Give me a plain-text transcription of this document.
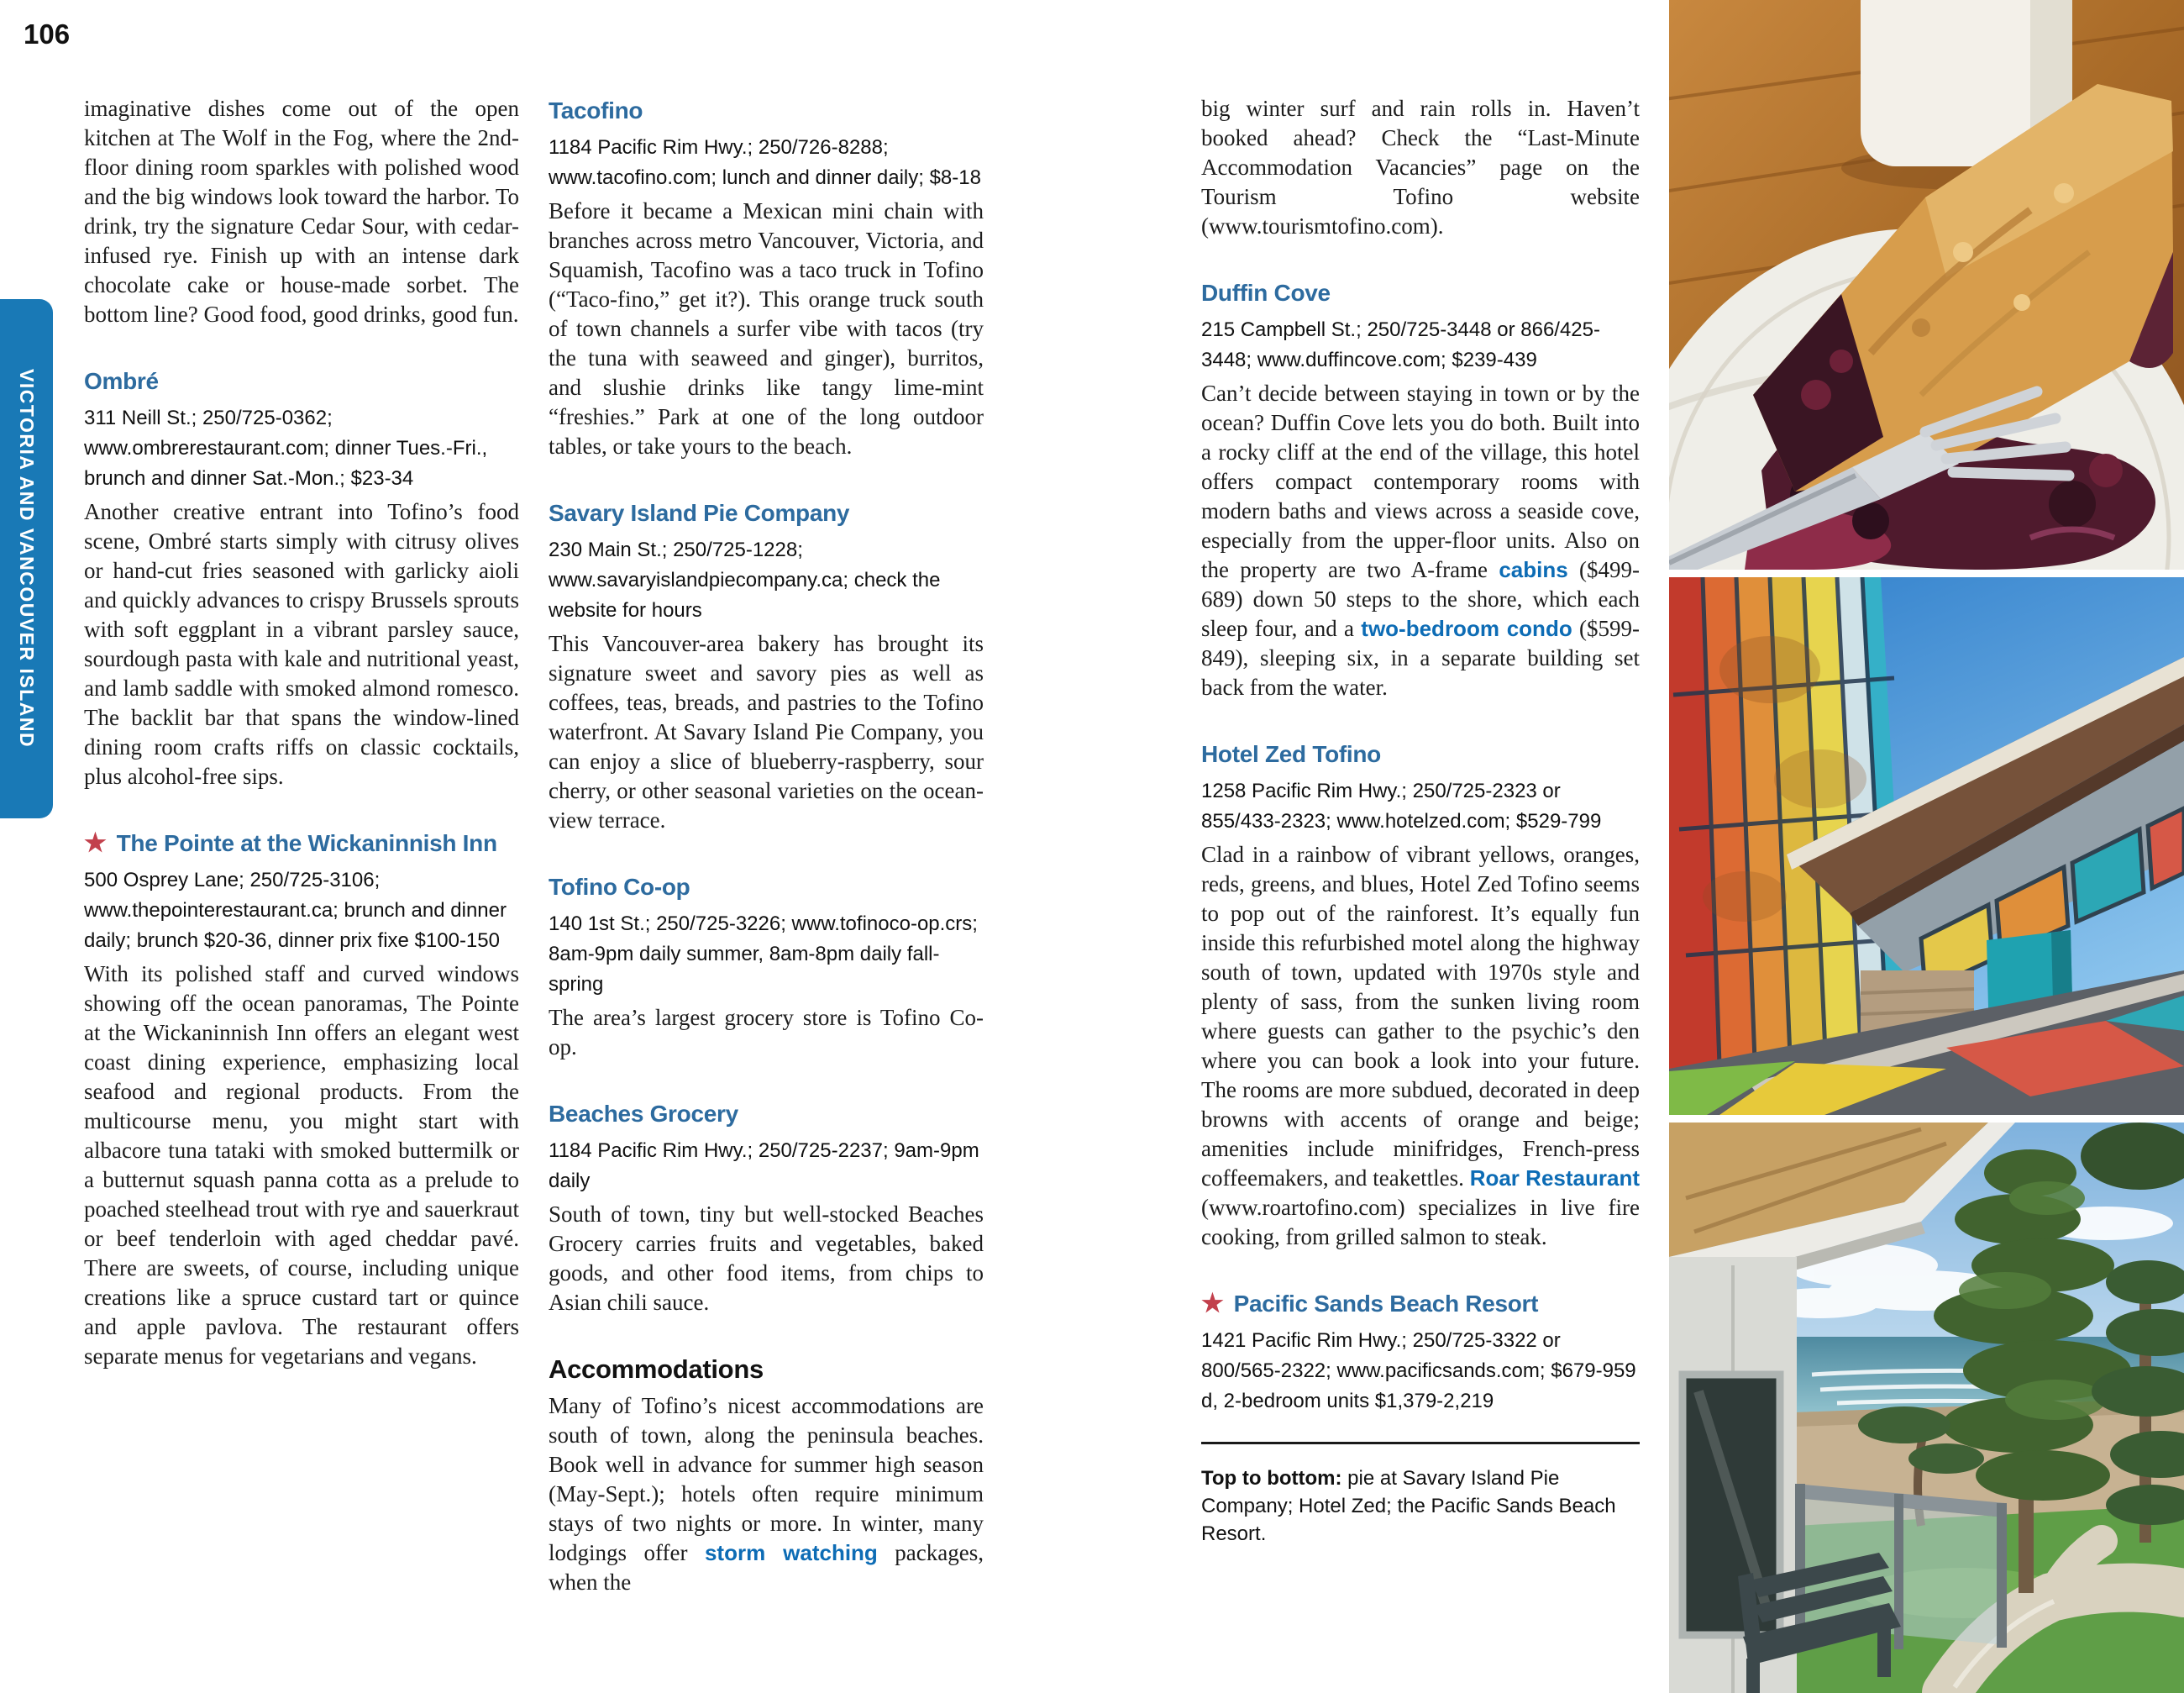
106
VICTORIA AND VANCOUVER ISLAND

imaginative dishes come out of the open kitchen at The Wolf in the Fog, where the 2nd-floor dining room sparkles with polished wood and the big windows look toward the harbor. To drink, try the signature Cedar Sour, with cedar-infused rye. Finish up with an intense dark chocolate cake or house-made sorbet. The bottom line? Good food, good drinks, good fun.

Ombré

311 Neill St.; 250/725-0362; www.ombrerestaurant.com; dinner Tues.-Fri., brunch and dinner Sat.-Mon.; $23-34

Another creative entrant into Tofino’s food scene, Ombré starts simply with citrusy olives or hand-cut fries seasoned with garlicky aioli and quickly advances to crispy Brussels sprouts with soft eggplant in a vibrant parsley sauce, sourdough pasta with kale and nutritional yeast, and lamb saddle with smoked almond romesco. The backlit bar that spans the window-lined dining room crafts riffs on classic cocktails, plus alcohol-free sips.

★ The Pointe at the Wickaninnish Inn

500 Osprey Lane; 250/725-3106; www.thepointerestaurant.ca; brunch and dinner daily; brunch $20-36, dinner prix fixe $100-150

With its polished staff and curved windows showing off the ocean panoramas, The Pointe at the Wickaninnish Inn offers an elegant west coast dining experience, emphasizing local seafood and regional products. From the multicourse menu, you might start with albacore tuna tataki with smoked buttermilk or a butternut squash panna cotta as a prelude to poached steelhead trout with rye and sauerkraut or beef tenderloin with aged cheddar pavé. There are sweets, of course, including unique creations like a spruce custard tart or quince and apple pavlova. The restaurant offers separate menus for vegetarians and vegans.

Tacofino

1184 Pacific Rim Hwy.; 250/726-8288; www.tacofino.com; lunch and dinner daily; $8-18

Before it became a Mexican mini chain with branches across metro Vancouver, Victoria, and Squamish, Tacofino was a taco truck in Tofino (“Taco-fino,” get it?). This orange truck south of town channels a surfer vibe with tacos (try the tuna with seaweed and ginger), burritos, and slushie drinks like tangy lime-mint “freshies.” Park at one of the long outdoor tables, or take yours to the beach.

Savary Island Pie Company

230 Main St.; 250/725-1228; www.savaryislandpiecompany.ca; check the website for hours

This Vancouver-area bakery has brought its signature sweet and savory pies as well as coffees, teas, breads, and pastries to the Tofino waterfront. At Savary Island Pie Company, you can enjoy a slice of blueberry-raspberry, sour cherry, or other seasonal varieties on the ocean-view terrace.

Tofino Co-op

140 1st St.; 250/725-3226; www.tofinoco-op.crs; 8am-9pm daily summer, 8am-8pm daily fall-spring

The area’s largest grocery store is Tofino Co-op.

Beaches Grocery

1184 Pacific Rim Hwy.; 250/725-2237; 9am-9pm daily

South of town, tiny but well-stocked Beaches Grocery carries fruits and vegetables, baked goods, and other food items, from chips to Asian chili sauce.

Accommodations

Many of Tofino’s nicest accommodations are south of town, along the peninsula beaches. Book well in advance for summer high season (May-Sept.); hotels often require minimum stays of two nights or more. In winter, many lodgings offer storm watching packages, when the

big winter surf and rain rolls in. Haven’t booked ahead? Check the “Last-Minute Accommodation Vacancies” page on the Tourism Tofino website (www.tourismtofino.com).

Duffin Cove

215 Campbell St.; 250/725-3448 or 866/425-3448; www.duffincove.com; $239-439

Can’t decide between staying in town or by the ocean? Duffin Cove lets you do both. Built into a rocky cliff at the end of the village, this hotel offers compact contemporary rooms with modern baths and views across a seaside cove, especially from the upper-floor units. Also on the property are two A-frame cabins ($499-689) down 50 steps to the shore, which each sleep four, and a two-bedroom condo ($599-849), sleeping six, in a separate building set back from the water.

Hotel Zed Tofino

1258 Pacific Rim Hwy.; 250/725-2323 or 855/433-2323; www.hotelzed.com; $529-799

Clad in a rainbow of vibrant yellows, oranges, reds, greens, and blues, Hotel Zed Tofino seems to pop out of the rainforest. It’s equally fun inside this refurbished motel along the highway south of town, updated with 1970s style and plenty of sass, from the sunken living room where guests can gather to the psychic’s den where you can book a look into your future. The rooms are more subdued, decorated in deep browns with accents of orange and beige; amenities include minifridges, French-press coffeemakers, and teakettles. Roar Restaurant (www.roartofino.com) specializes in live fire cooking, from grilled salmon to steak.

★ Pacific Sands Beach Resort

1421 Pacific Rim Hwy.; 250/725-3322 or 800/565-2322; www.pacificsands.com; $679-959 d, 2-bedroom units $1,379-2,219

Top to bottom: pie at Savary Island Pie Company; Hotel Zed; the Pacific Sands Beach Resort.
